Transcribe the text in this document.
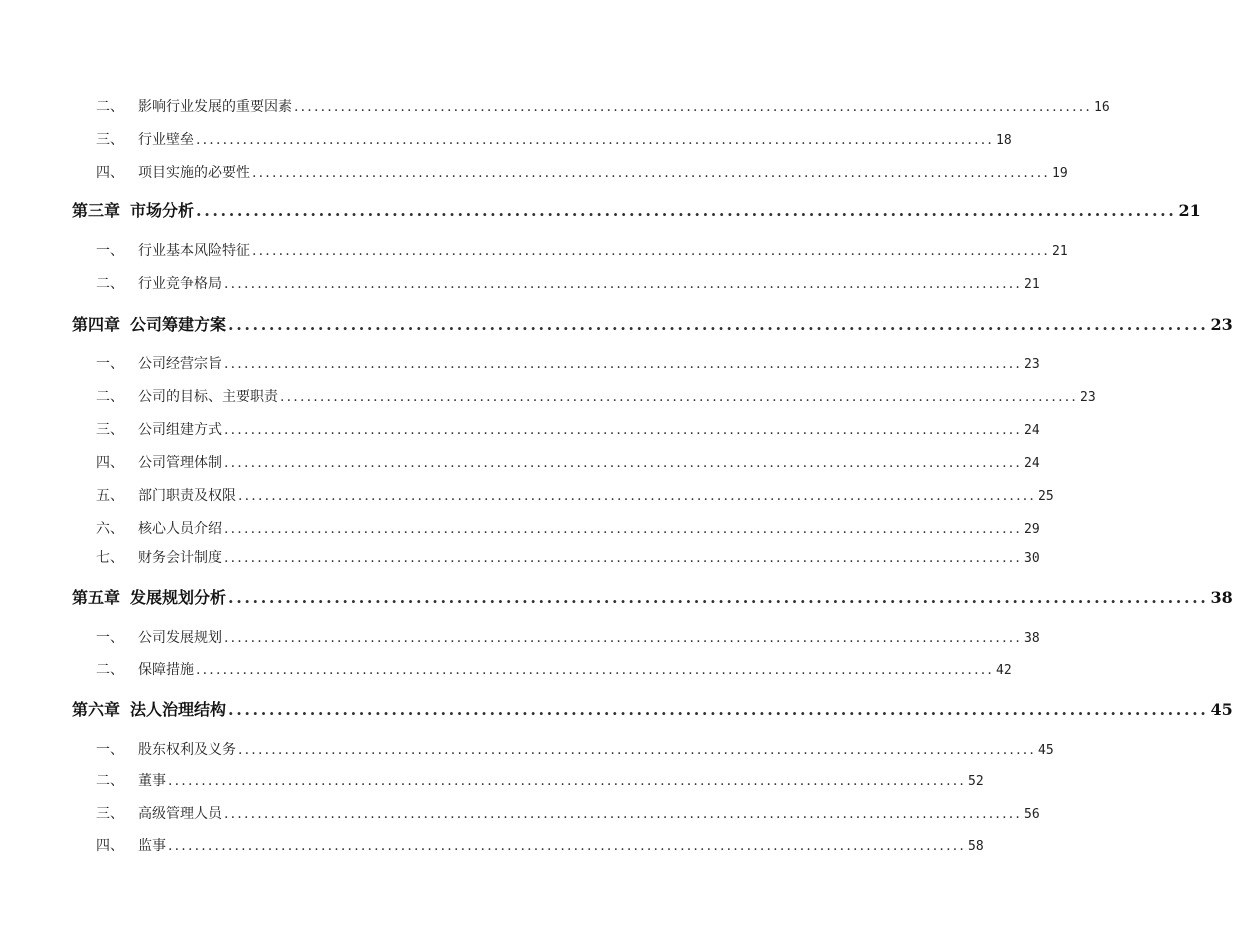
二、	影响行业发展的重要因素 ........................................................................................................................ 16
三、	行业壁垒 ........................................................................................................................ 18
四、	项目实施的必要性 ........................................................................................................................ 19
第三章 市场分析 ........................................................................................................................ 21
一、	行业基本风险特征 ........................................................................................................................ 21
二、	行业竞争格局 ........................................................................................................................ 21
第四章 公司筹建方案 ........................................................................................................................ 23
一、	公司经营宗旨 ........................................................................................................................ 23
二、	公司的目标、主要职责 ........................................................................................................................ 23
三、	公司组建方式 ........................................................................................................................ 24
四、	公司管理体制 ........................................................................................................................ 24
五、	部门职责及权限 ........................................................................................................................ 25
六、	核心人员介绍 ........................................................................................................................ 29
七、	财务会计制度 ........................................................................................................................ 30
第五章 发展规划分析 ........................................................................................................................ 38
一、	公司发展规划 ........................................................................................................................ 38
二、	保障措施 ........................................................................................................................ 42
第六章 法人治理结构 ........................................................................................................................ 45
一、	股东权利及义务 ........................................................................................................................ 45
二、	董事 ........................................................................................................................ 52
三、	高级管理人员 ........................................................................................................................ 56
四、	监事 ........................................................................................................................ 58
